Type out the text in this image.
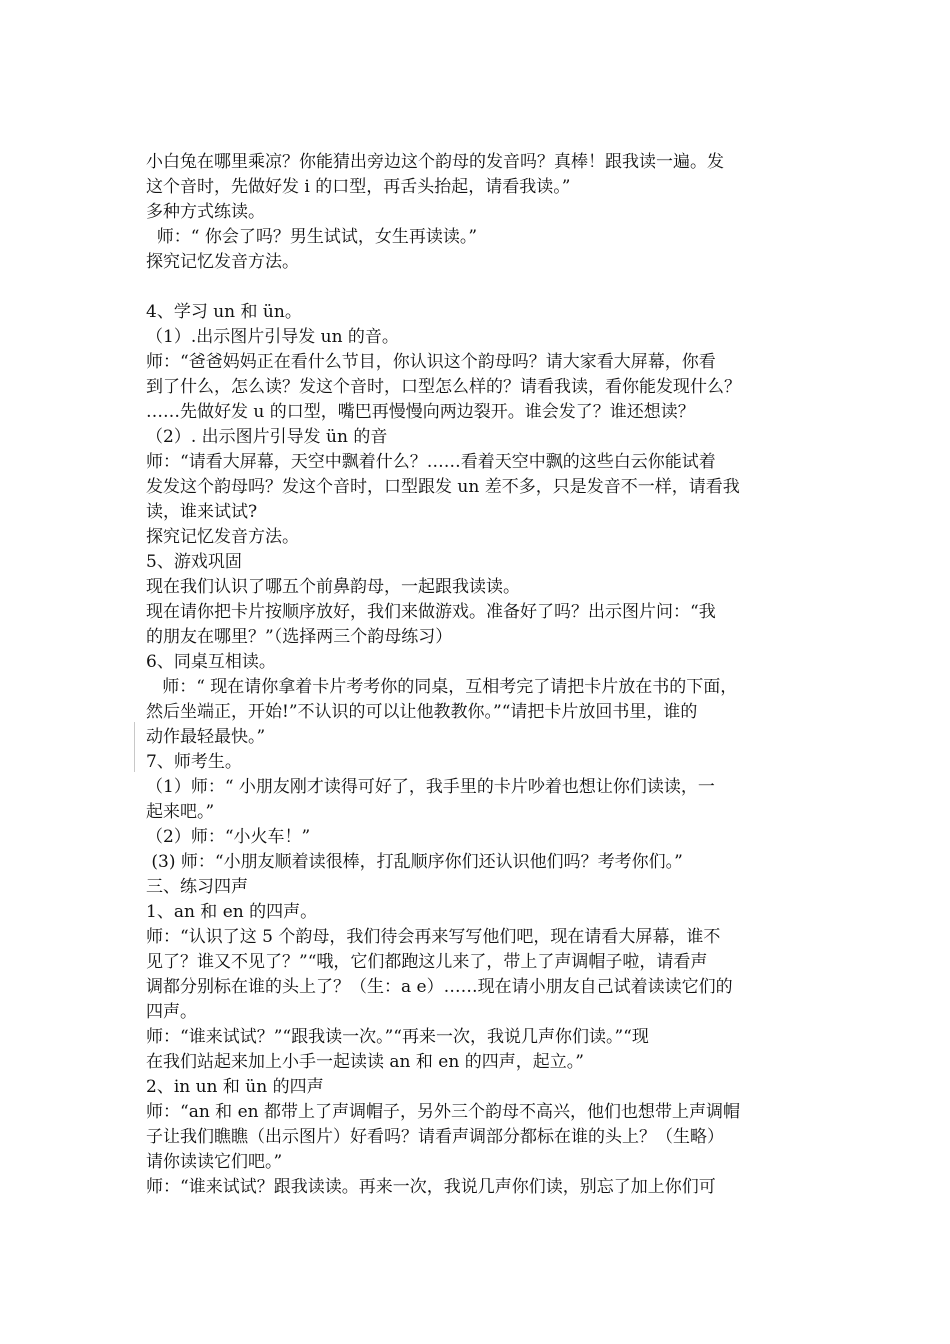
小白兔在哪里乘凉？你能猜出旁边这个韵母的发音吗？真棒！跟我读一遍。发
这个音时，先做好发 i 的口型，再舌头抬起，请看我读。”
多种方式练读。
师：“ 你会了吗？男生试试，女生再读读。”
探究记忆发音方法。
4、学习 un 和 ün。
（1）.出示图片引导发 un 的音。
师：“爸爸妈妈正在看什么节目，你认识这个韵母吗？请大家看大屏幕，你看
到了什么，怎么读？发这个音时，口型怎么样的？请看我读，看你能发现什么？
……先做好发 u 的口型，嘴巴再慢慢向两边裂开。谁会发了？谁还想读？
（2）. 出示图片引导发 ün 的音
师：“请看大屏幕，天空中飘着什么？……看着天空中飘的这些白云你能试着
发发这个韵母吗？发这个音时，口型跟发 un 差不多，只是发音不一样，请看我
读，谁来试试?
探究记忆发音方法。
5、游戏巩固
现在我们认识了哪五个前鼻韵母，一起跟我读读。
现在请你把卡片按顺序放好，我们来做游戏。准备好了吗？出示图片问：“我
的朋友在哪里？”（选择两三个韵母练习）
6、同桌互相读。
师：“ 现在请你拿着卡片考考你的同桌，互相考完了请把卡片放在书的下面，
然后坐端正，开始!”不认识的可以让他教教你。”“请把卡片放回书里，谁的
动作最轻最快。”
7、师考生。
（1）师：“ 小朋友刚才读得可好了，我手里的卡片吵着也想让你们读读，一
起来吧。”
（2）师：“小火车！”
(3) 师：“小朋友顺着读很棒，打乱顺序你们还认识他们吗？考考你们。”
三、练习四声
1、an 和 en 的四声。
师：“认识了这 5 个韵母，我们待会再来写写他们吧，现在请看大屏幕，谁不
见了？谁又不见了？”“哦，它们都跑这儿来了，带上了声调帽子啦，请看声
调都分别标在谁的头上了？（生：a e）……现在请小朋友自己试着读读它们的
四声。
师：“谁来试试？”“跟我读一次。”“再来一次，我说几声你们读。”“现
在我们站起来加上小手一起读读 an 和 en 的四声，起立。”
2、in un 和 ün 的四声
师：“an 和 en 都带上了声调帽子，另外三个韵母不高兴，他们也想带上声调帽
子让我们瞧瞧（出示图片）好看吗？请看声调部分都标在谁的头上？（生略）
请你读读它们吧。”
师：“谁来试试？跟我读读。再来一次，我说几声你们读，别忘了加上你们可
